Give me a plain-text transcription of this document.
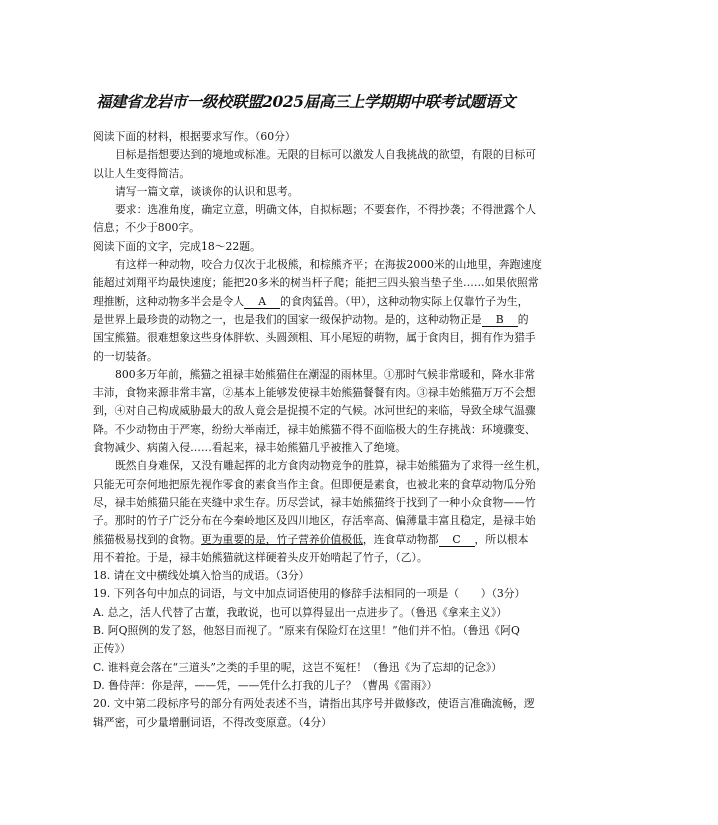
福建省龙岩市一级校联盟2025届高三上学期期中联考试题语文
阅读下面的材料，根据要求写作。（60分）
目标是指想要达到的境地或标准。无限的目标可以激发人自我挑战的欲望，有限的目标可
以让人生变得简洁。
请写一篇文章，谈谈你的认识和思考。
要求：选准角度，确定立意，明确文体，自拟标题；不要套作，不得抄袭；不得泄露个人
信息；不少于800字。
阅读下面的文字，完成18～22题。
有这样一种动物，咬合力仅次于北极熊，和棕熊齐平；在海拔2000米的山地里，奔跑速度
能超过刘翔平均最快速度；能把20多米的树当杆子爬；能把三四头狼当垫子坐……如果依照常
理推断，这种动物多半会是令人 A 的食肉猛兽。（甲），这种动物实际上仅靠竹子为生，
是世界上最珍贵的动物之一，也是我们的国家一级保护动物。是的，这种动物正是 B 的
国宝熊猫。很难想象这些身体胖软、头圆颈粗、耳小尾短的萌物，属于食肉目，拥有作为猎手
的一切装备。
800多万年前，熊猫之祖禄丰始熊猫住在潮湿的雨林里。①那时气候非常暖和，降水非常
丰沛，食物来源非常丰富，②基本上能够发使禄丰始熊猫餐餐有肉。③禄丰始熊猫万万不会想
到，④对自己构成威胁最大的敌人竟会是捉摸不定的气候。冰河世纪的来临，导致全球气温骤
降。不少动物由于严寒，纷纷大举南迁，禄丰始熊猫不得不面临极大的生存挑战：环境骤变、
食物减少、病菌入侵……看起来，禄丰始熊猫几乎被推入了绝境。
既然自身难保，又没有雕起挥的北方食肉动物竞争的胜算，禄丰始熊猫为了求得一丝生机，
只能无可奈何地把原先视作零食的素食当作主食。但即便是素食，也被北来的食草动物瓜分殆
尽，禄丰始熊猫只能在夹缝中求生存。历尽尝试，禄丰始熊猫终于找到了一种小众食物——竹
子。那时的竹子广泛分布在今秦岭地区及四川地区，存活率高、偏薄量丰富且稳定，是禄丰始
熊猫极易找到的食物。更为重要的是，竹子营养价值极低，连食草动物都 C ，所以根本
用不着抢。于是，禄丰始熊猫就这样硬着头皮开始啃起了竹子，（乙）。
18. 请在文中横线处填入恰当的成语。（3分）
19. 下列各句中加点的词语，与文中加点词语使用的修辞手法相同的一项是（　　）（3分）
A. 总之，活人代替了古董，我敢说，也可以算得显出一点进步了。（鲁迅《拿来主义》）
B. 阿Q照例的发了怒，他怒目而视了。“原来有保险灯在这里！”他们并不怕。（鲁迅《阿Q
正传》）
C. 谁料竟会落在“三道头”之类的手里的呢，这岂不冤枉！（鲁迅《为了忘却的记念》）
D. 鲁侍萍：你是萍，——凭，——凭什么打我的儿子？（曹禺《雷雨》）
20. 文中第二段标序号的部分有两处表述不当，请指出其序号并做修改，使语言准确流畅，逻
辑严密，可少量增删词语，不得改变原意。（4分）
